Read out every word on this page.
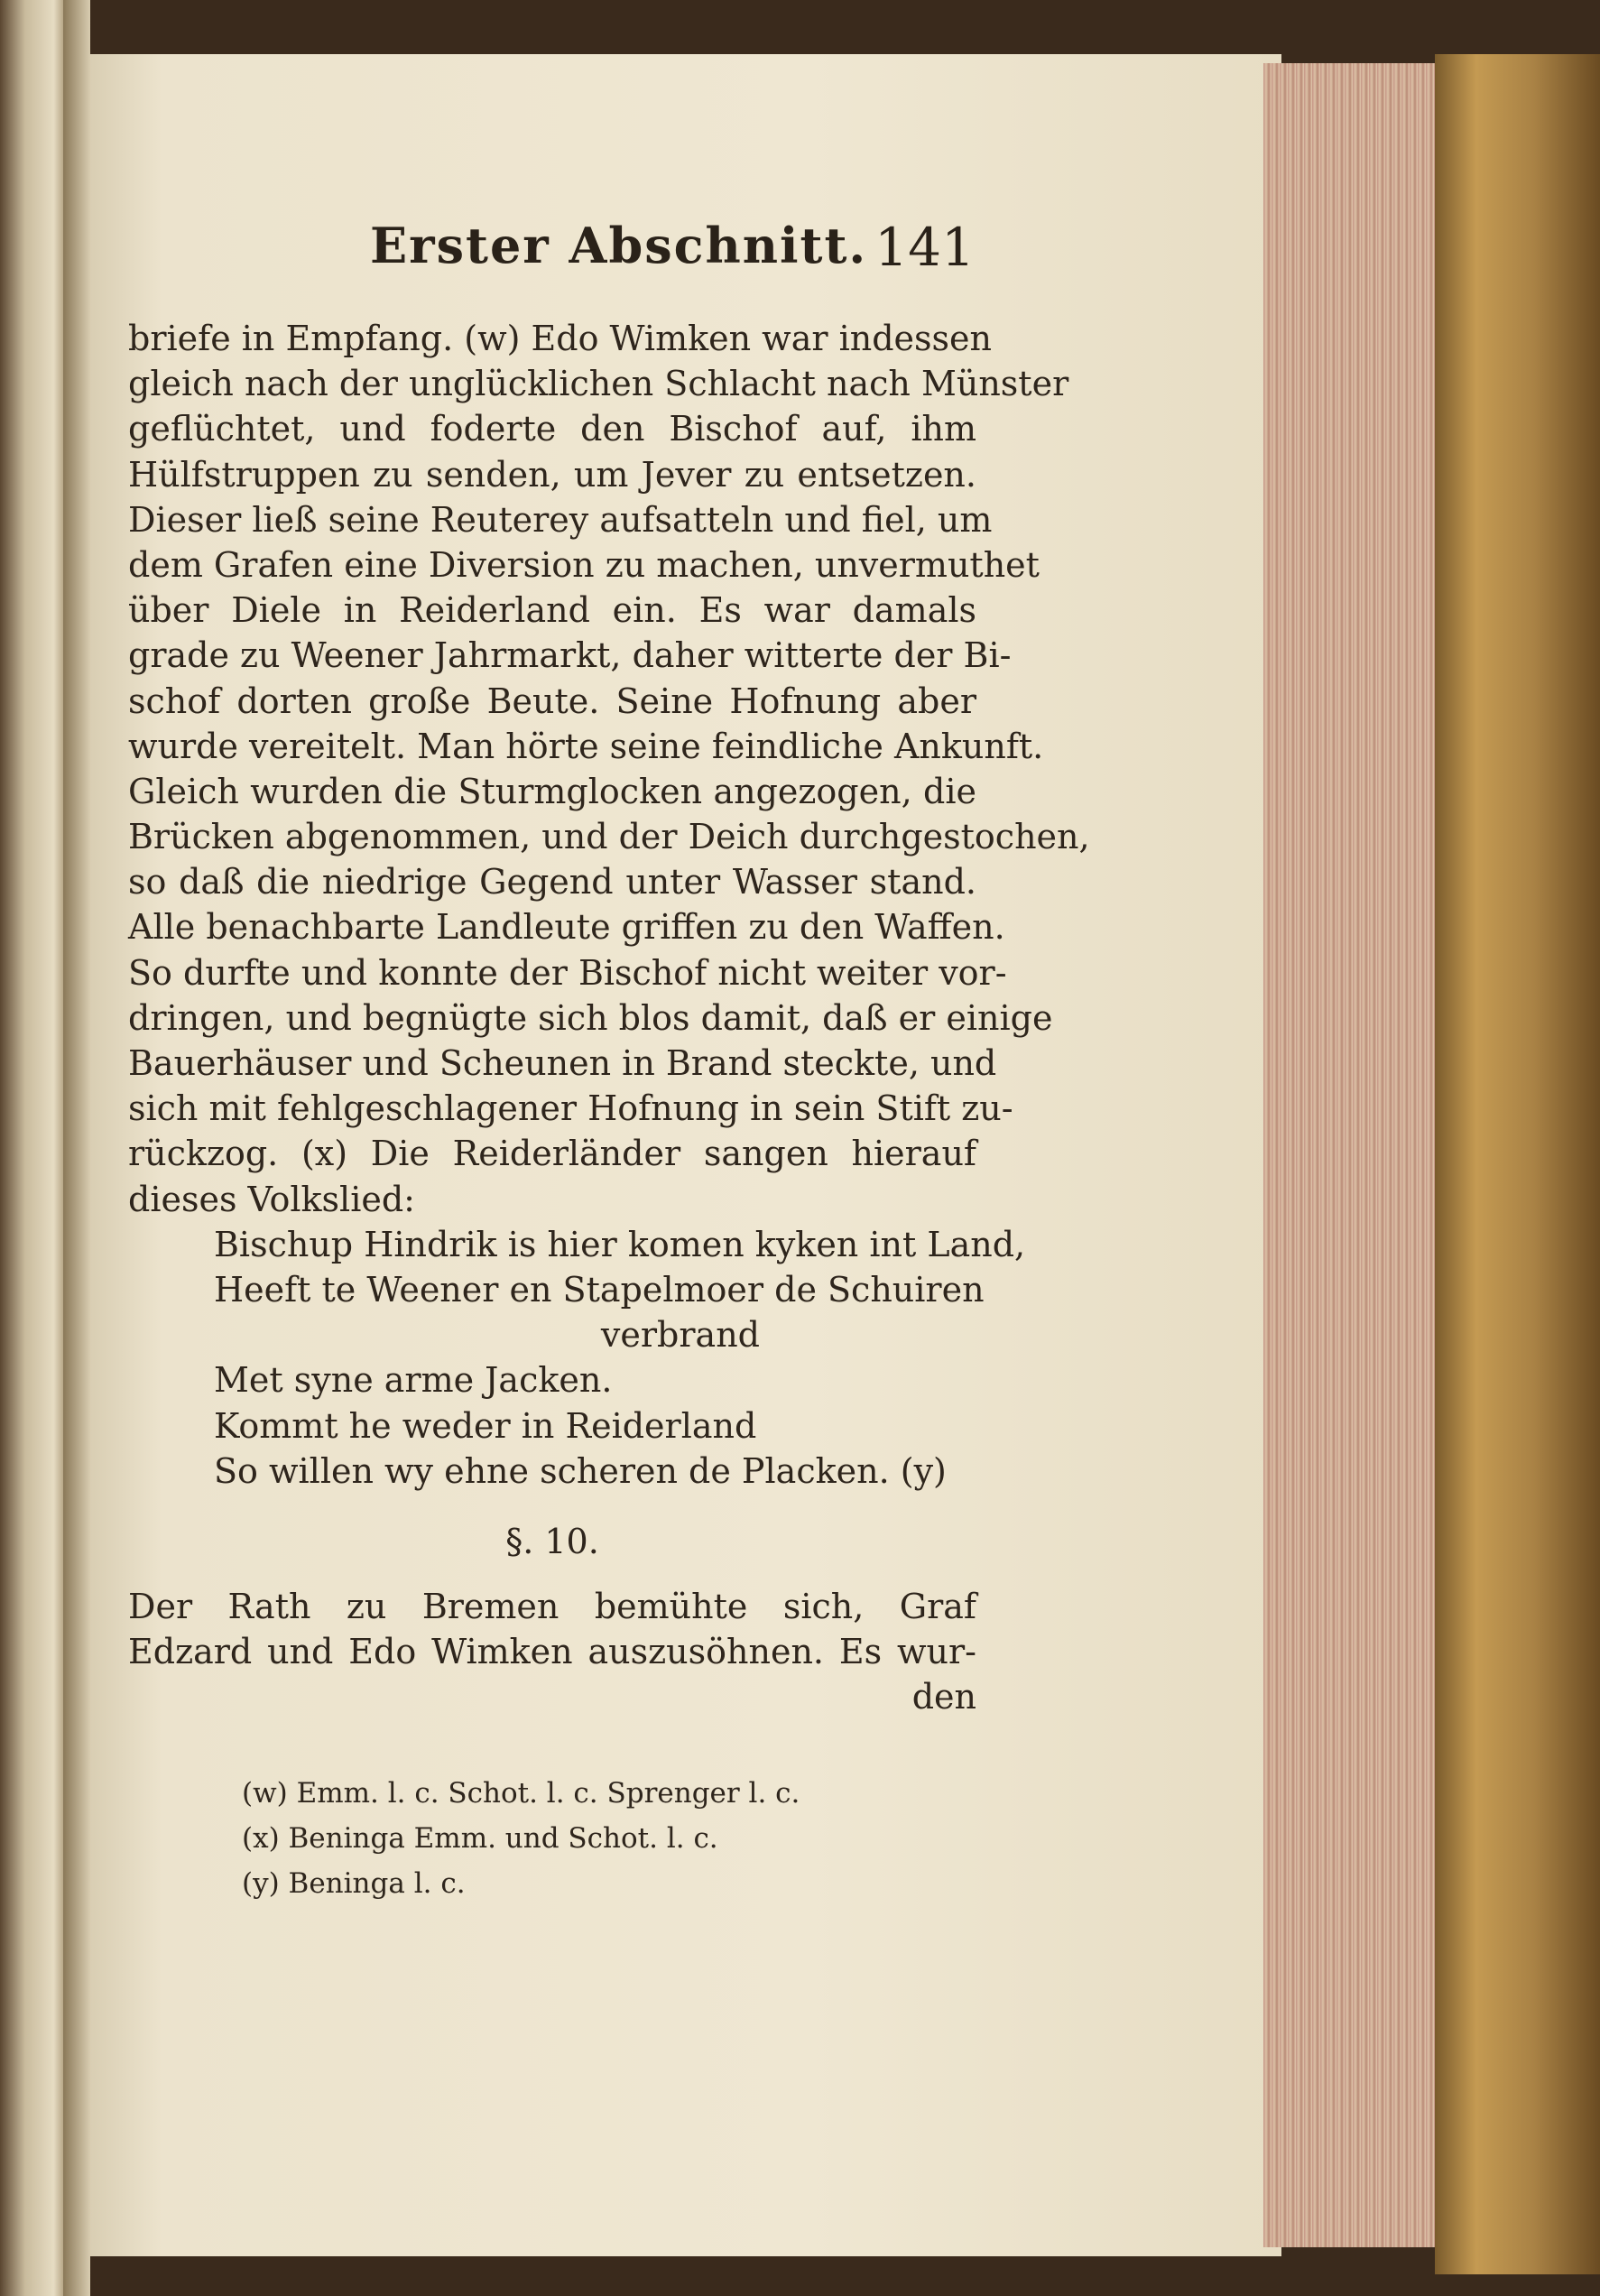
Erster Abschnitt. 141
briefe in Empfang. (w) Edo Wimken war indessen
gleich nach der unglücklichen Schlacht nach Münster
geflüchtet, und foderte den Bischof auf, ihm
Hülfstruppen zu senden, um Jever zu entsetzen.
Dieser ließ seine Reuterey aufsatteln und fiel, um
dem Grafen eine Diversion zu machen, unvermuthet
über Diele in Reiderland ein. Es war damals
grade zu Weener Jahrmarkt, daher witterte der Bi-
schof dorten große Beute. Seine Hofnung aber
wurde vereitelt. Man hörte seine feindliche Ankunft.
Gleich wurden die Sturmglocken angezogen, die
Brücken abgenommen, und der Deich durchgestochen,
so daß die niedrige Gegend unter Wasser stand.
Alle benachbarte Landleute griffen zu den Waffen.
So durfte und konnte der Bischof nicht weiter vor-
dringen, und begnügte sich blos damit, daß er einige
Bauerhäuser und Scheunen in Brand steckte, und
sich mit fehlgeschlagener Hofnung in sein Stift zu-
rückzog. (x) Die Reiderländer sangen hierauf
dieses Volkslied:
Bischup Hindrik is hier komen kyken int Land,
Heeft te Weener en Stapelmoer de Schuiren
verbrand
Met syne arme Jacken.
Kommt he weder in Reiderland
So willen wy ehne scheren de Placken. (y)
§. 10.
Der Rath zu Bremen bemühte sich, Graf
Edzard und Edo Wimken auszusöhnen. Es wur-
den
(w) Emm. l. c. Schot. l. c. Sprenger l. c.
(x) Beninga Emm. und Schot. l. c.
(y) Beninga l. c.
